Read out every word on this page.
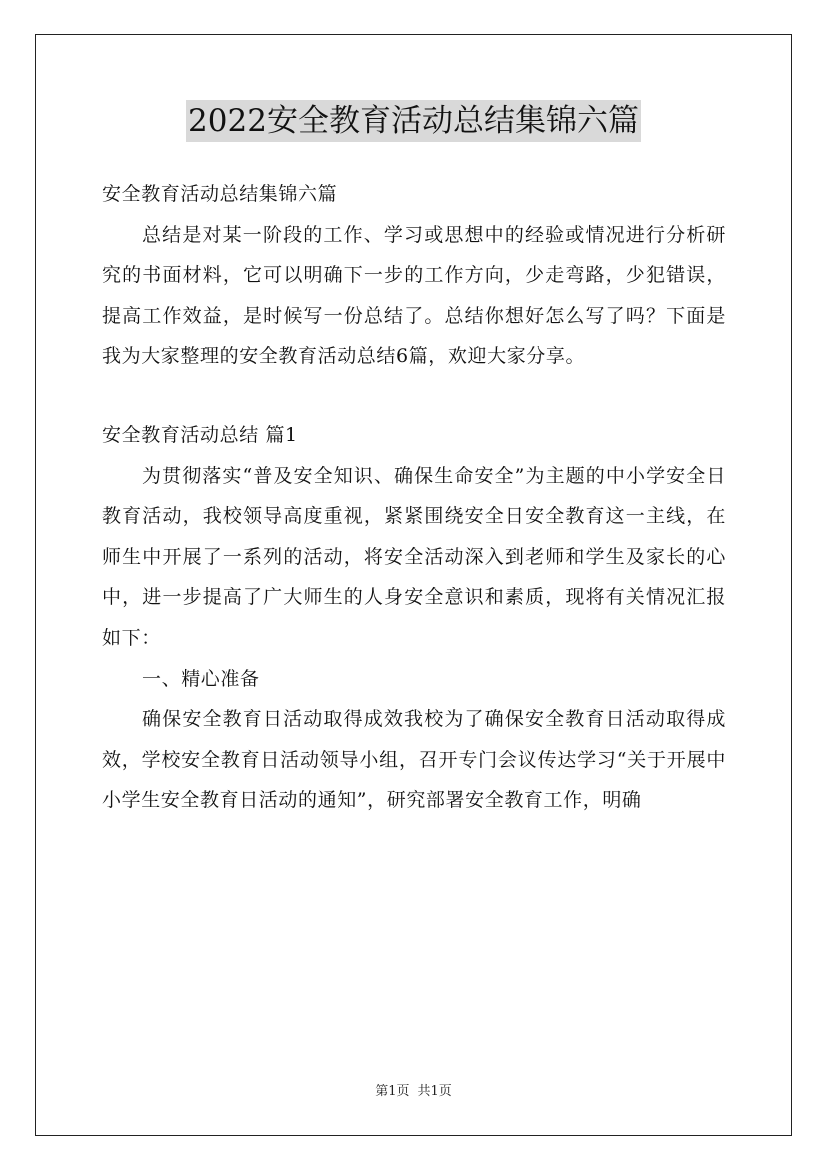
2022安全教育活动总结集锦六篇

安全教育活动总结集锦六篇

总结是对某一阶段的工作、学习或思想中的经验或情况进行分析研究的书面材料，它可以明确下一步的工作方向，少走弯路，少犯错误，提高工作效益，是时候写一份总结了。总结你想好怎么写了吗？下面是我为大家整理的安全教育活动总结6篇，欢迎大家分享。

安全教育活动总结 篇1

为贯彻落实“普及安全知识、确保生命安全”为主题的中小学安全日教育活动，我校领导高度重视，紧紧围绕安全日安全教育这一主线，在师生中开展了一系列的活动，将安全活动深入到老师和学生及家长的心中，进一步提高了广大师生的人身安全意识和素质，现将有关情况汇报如下：

一、精心准备

确保安全教育日活动取得成效我校为了确保安全教育日活动取得成效，学校安全教育日活动领导小组，召开专门会议传达学习“关于开展中小学生安全教育日活动的通知”，研究部署安全教育工作，明确

第1页 共1页
